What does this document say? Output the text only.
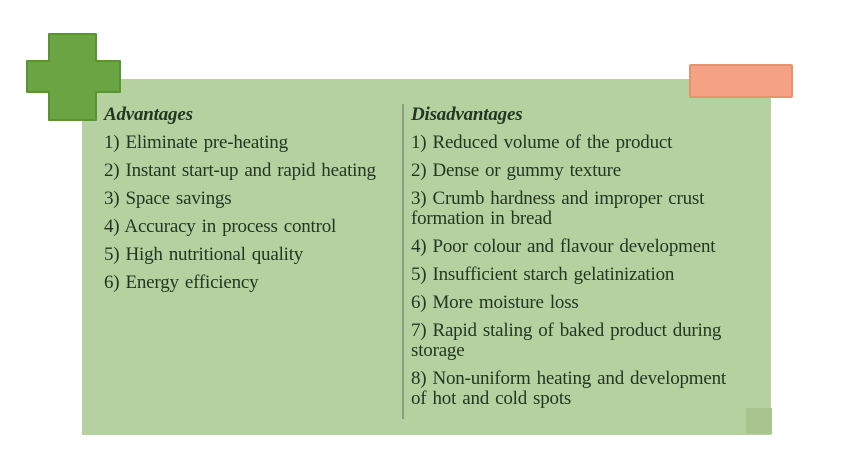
Advantages

1) Eliminate pre-heating

2) Instant start-up and rapid heating

3) Space savings

4) Accuracy in process control

5) High nutritional quality

6) Energy efficiency

Disadvantages

1) Reduced volume of the product

2) Dense or gummy texture

3) Crumb hardness and improper crust formation in bread

4) Poor colour and flavour development

5) Insufficient starch gelatinization

6) More moisture loss

7) Rapid staling of baked product during storage

8) Non-uniform heating and development of hot and cold spots
